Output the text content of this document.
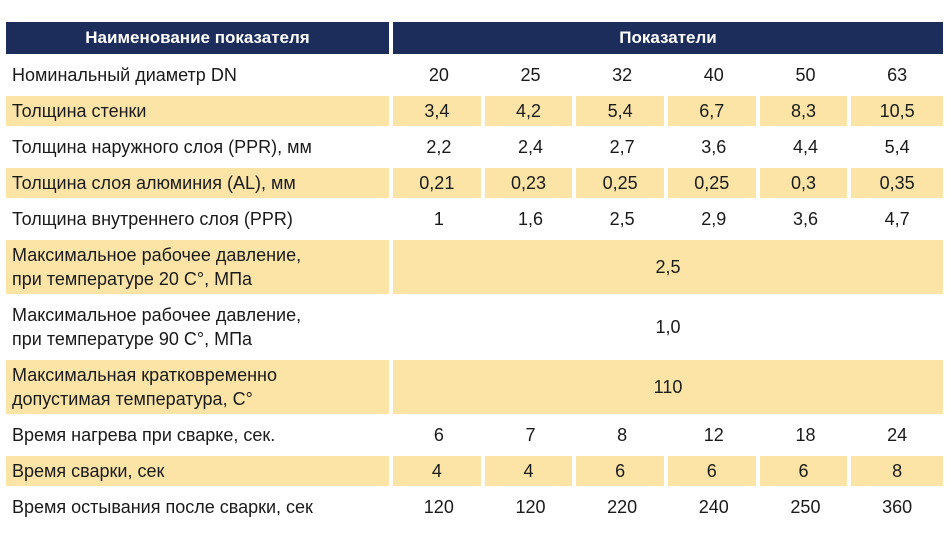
Наименование показателя	Показатели					
Номинальный диаметр DN	20	25	32	40	50	63
Толщина стенки	3,4	4,2	5,4	6,7	8,3	10,5
Толщина наружного слоя (PPR), мм	2,2	2,4	2,7	3,6	4,4	5,4
Толщина слоя алюминия (AL), мм	0,21	0,23	0,25	0,25	0,3	0,35
Толщина внутреннего слоя (PPR)	1	1,6	2,5	2,9	3,6	4,7
Максимальное рабочее давление,
при температуре 20 C°, МПа	2,5					
Максимальное рабочее давление,
при температуре 90 C°, МПа	1,0					
Максимальная кратковременно
допустимая температура, C°	110					
Время нагрева при сварке, сек.	6	7	8	12	18	24
Время сварки, сек	4	4	6	6	6	8
Время остывания после сварки, сек	120	120	220	240	250	360
